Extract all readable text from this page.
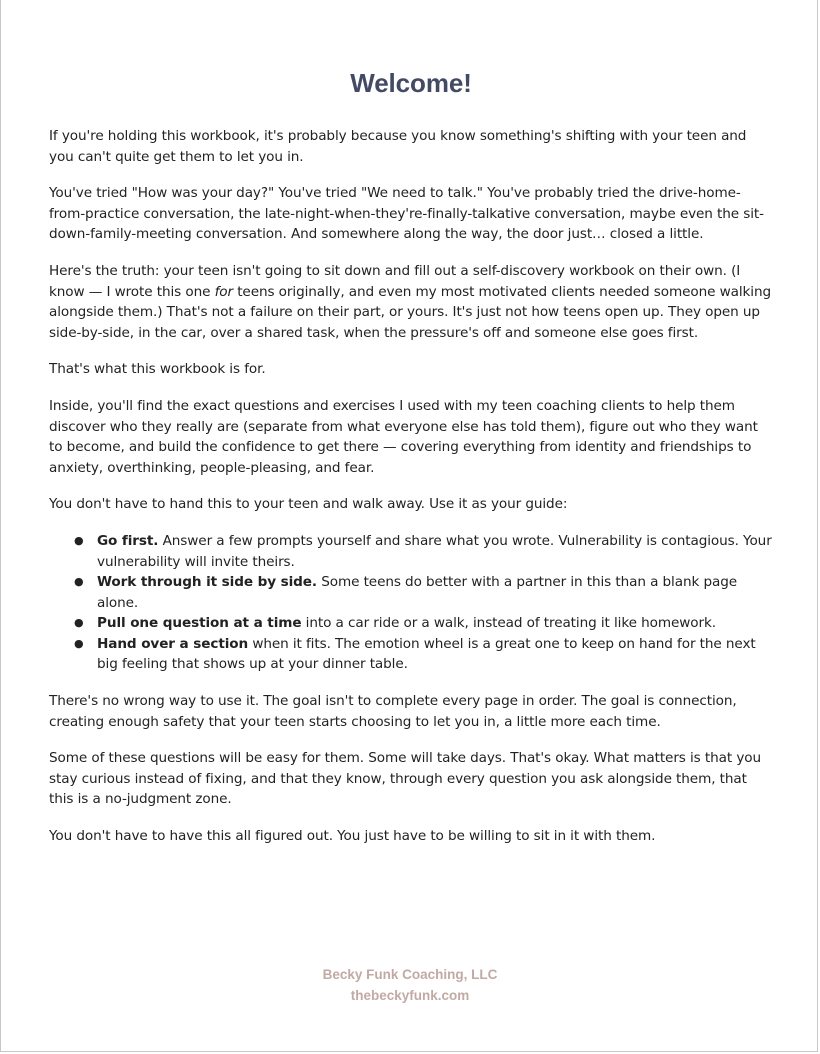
Welcome!

If you're holding this workbook, it's probably because you know something's shifting with your teen and you can't quite get them to let you in.

You've tried "How was your day?" You've tried "We need to talk." You've probably tried the drive-home-from-practice conversation, the late-night-when-they're-finally-talkative conversation, maybe even the sit-down-family-meeting conversation. And somewhere along the way, the door just… closed a little.

Here's the truth: your teen isn't going to sit down and fill out a self-discovery workbook on their own. (I know — I wrote this one for teens originally, and even my most motivated clients needed someone walking alongside them.) That's not a failure on their part, or yours. It's just not how teens open up. They open up side-by-side, in the car, over a shared task, when the pressure's off and someone else goes first.

That's what this workbook is for.

Inside, you'll find the exact questions and exercises I used with my teen coaching clients to help them discover who they really are (separate from what everyone else has told them), figure out who they want to become, and build the confidence to get there — covering everything from identity and friendships to anxiety, overthinking, people-pleasing, and fear.

You don't have to hand this to your teen and walk away. Use it as your guide:

● Go first. Answer a few prompts yourself and share what you wrote. Vulnerability is contagious. Your vulnerability will invite theirs.
● Work through it side by side. Some teens do better with a partner in this than a blank page alone.
● Pull one question at a time into a car ride or a walk, instead of treating it like homework.
● Hand over a section when it fits. The emotion wheel is a great one to keep on hand for the next big feeling that shows up at your dinner table.

There's no wrong way to use it. The goal isn't to complete every page in order. The goal is connection, creating enough safety that your teen starts choosing to let you in, a little more each time.

Some of these questions will be easy for them. Some will take days. That's okay. What matters is that you stay curious instead of fixing, and that they know, through every question you ask alongside them, that this is a no-judgment zone.

You don't have to have this all figured out. You just have to be willing to sit in it with them.

Becky Funk Coaching, LLC
thebeckyfunk.com
